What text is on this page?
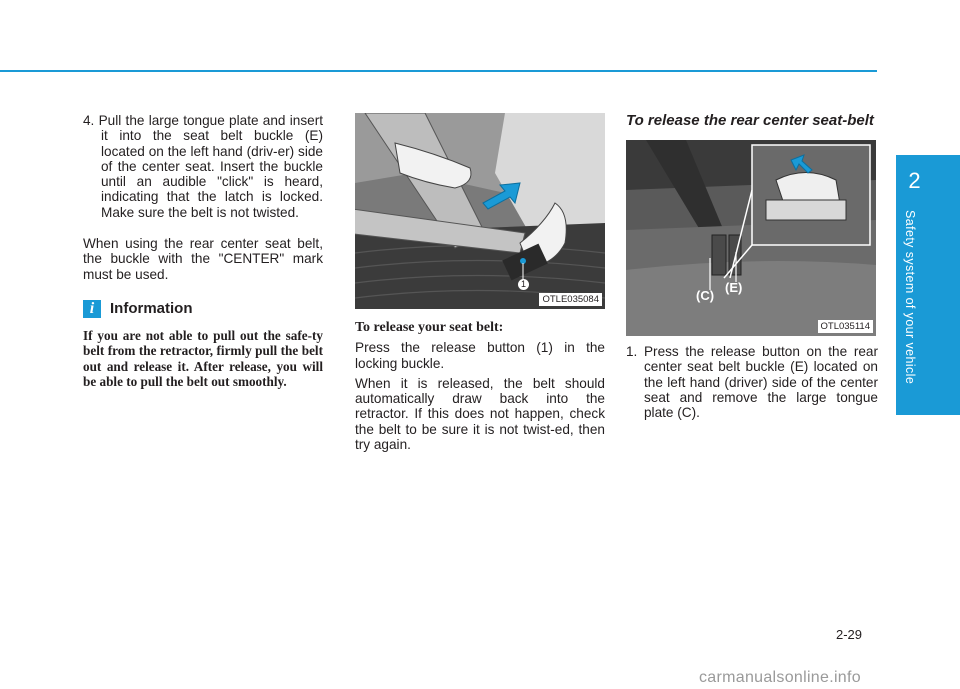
2
Safety system of your vehicle

4. Pull the large tongue plate and insert it into the seat belt buckle (E) located on the left hand (driv-er) side of the center seat. Insert the buckle until an audible "click" is heard, indicating that the latch is locked. Make sure the belt is not twisted.

When using the rear center seat belt, the buckle with the "CENTER" mark must be used.

i	Information

If you are not able to pull out the safe-ty belt from the retractor, firmly pull the belt out and release it. After release, you will be able to pull the belt out smoothly.

1
OTLE035084

To release your seat belt:

Press the release button (1) in the locking buckle.

When it is released, the belt should automatically draw back into the retractor. If this does not happen, check the belt to be sure it is not twist-ed, then try again.

To release the rear center seat-belt

(C)
(E)
OTL035114

1. Press the release button on the rear center seat belt buckle (E) located on the left hand (driver) side of the center seat and remove the large tongue plate (C).

2-29
carmanualsonline.info
